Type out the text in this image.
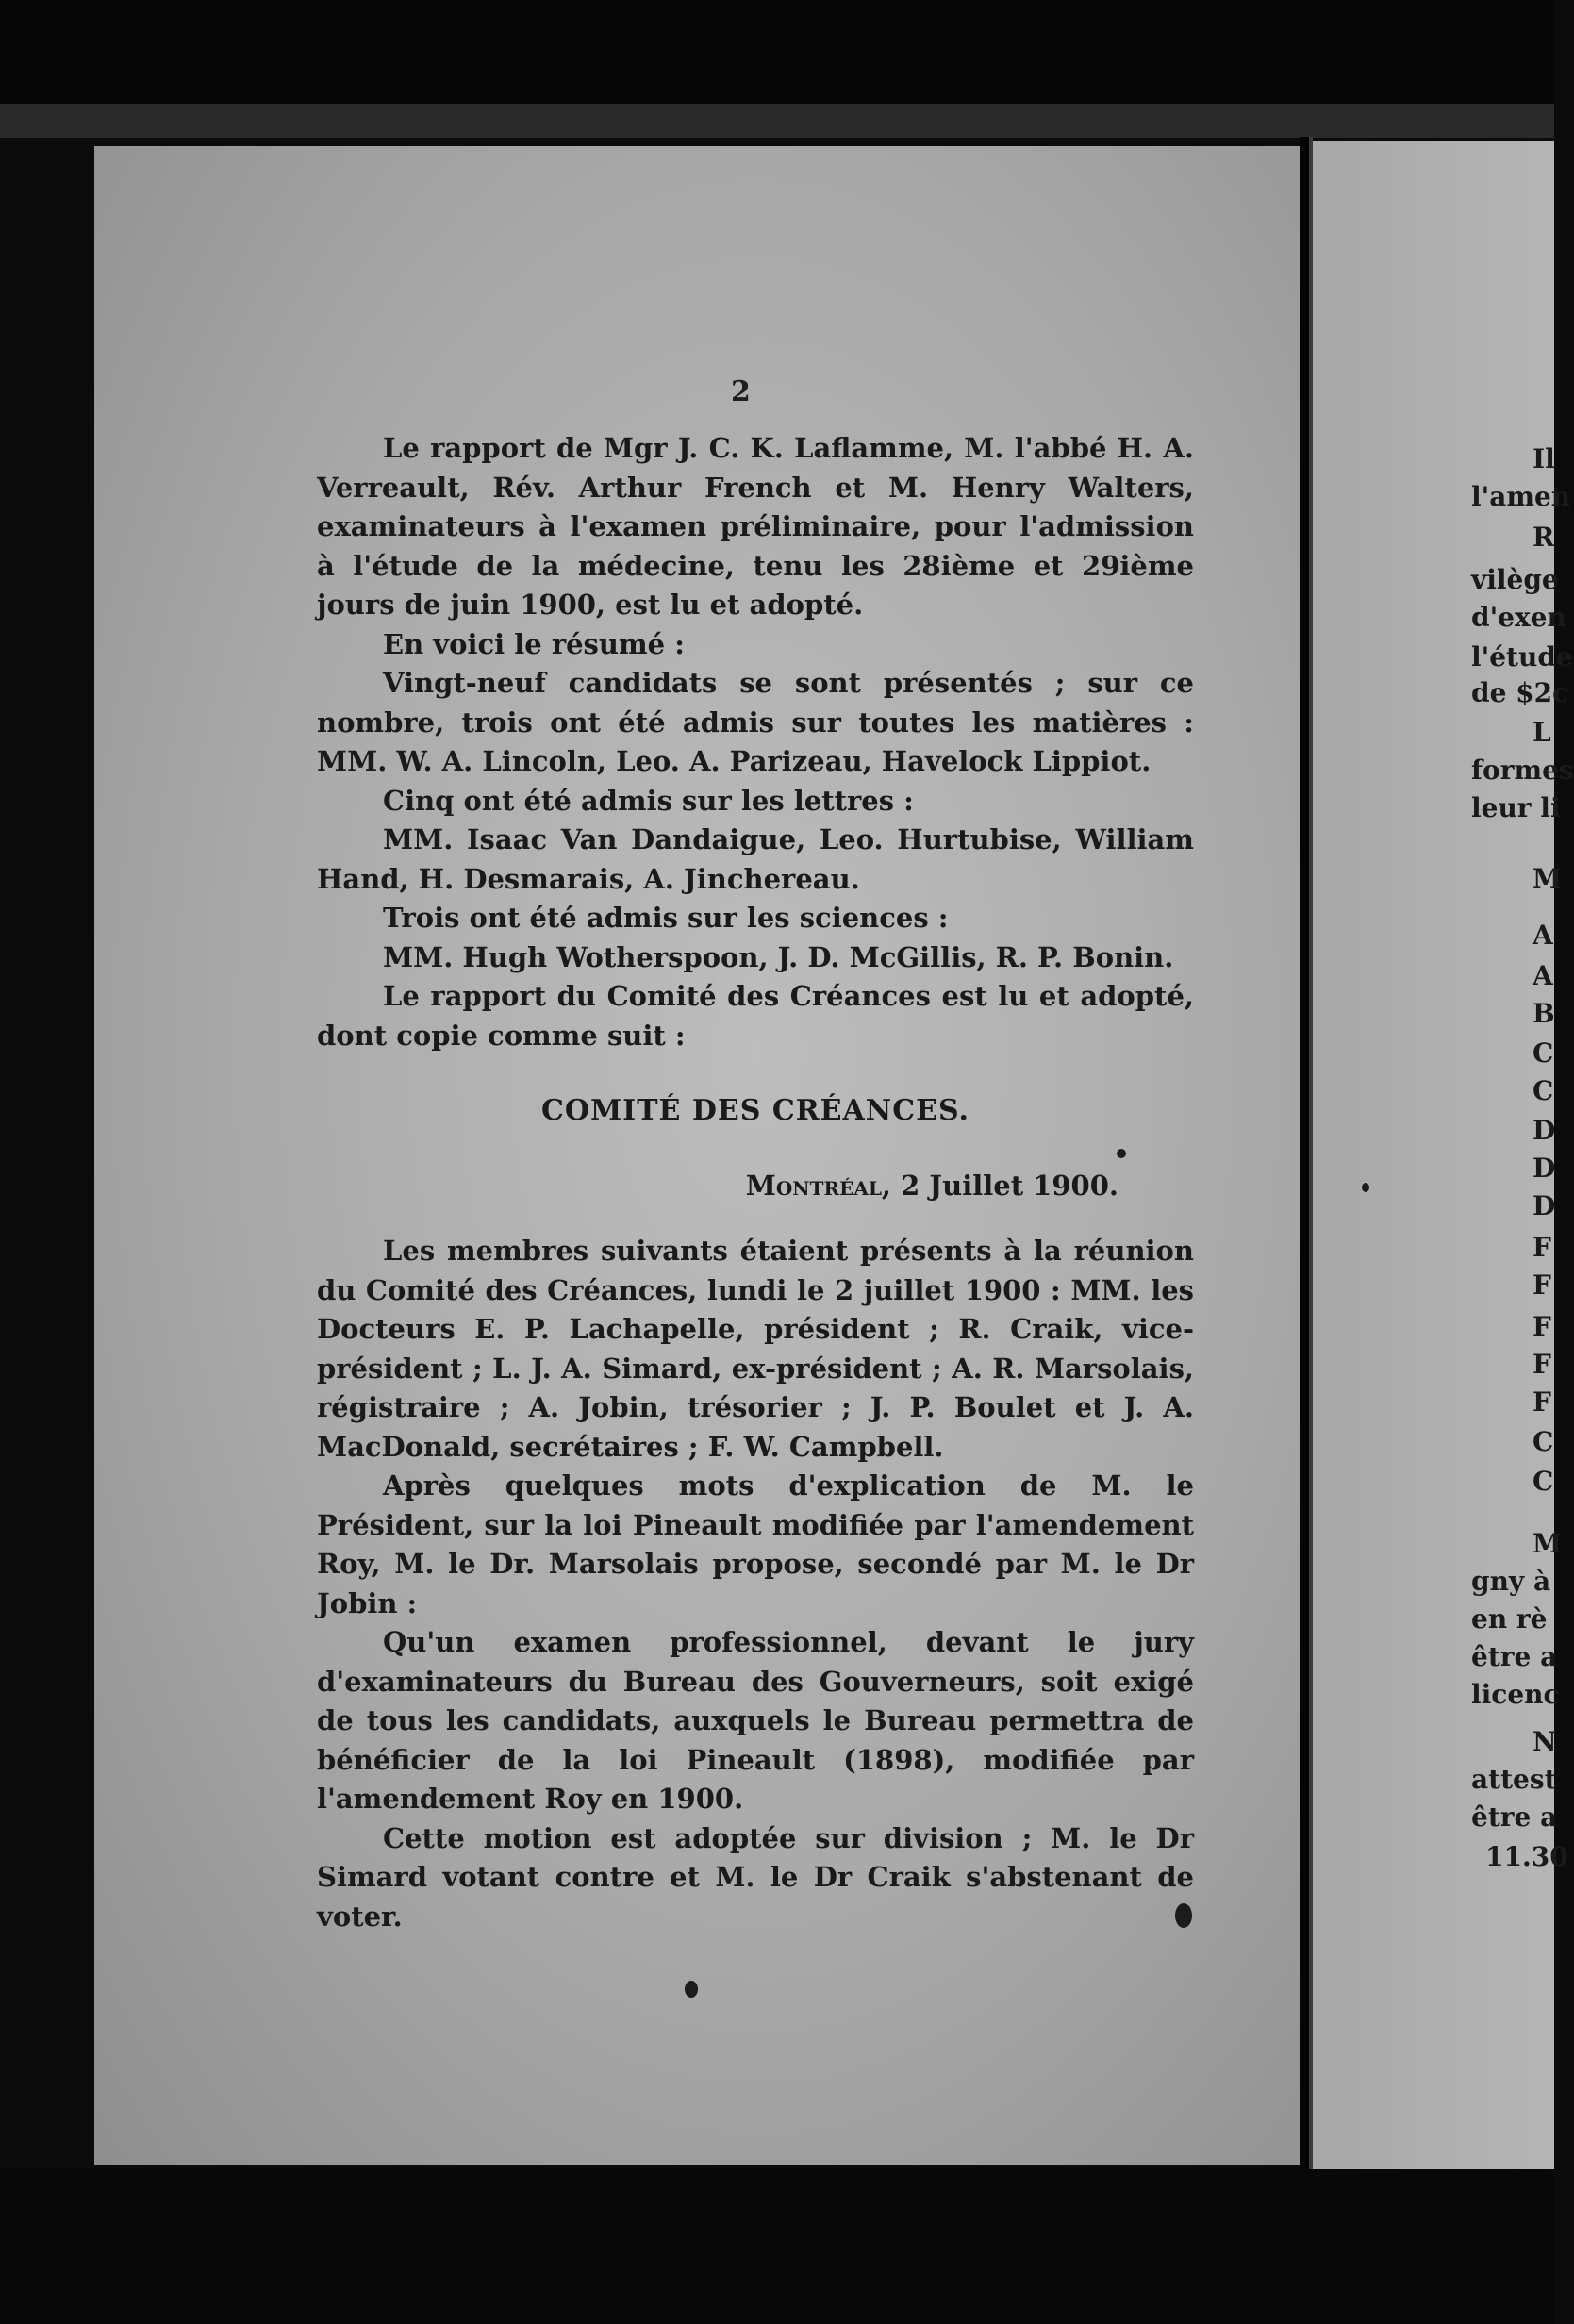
2

Le rapport de Mgr J. C. K. Laflamme, M. l'abbé H. A. Verreault, Rév. Arthur French et M. Henry Walters, examinateurs à l'examen préliminaire, pour l'admission à l'étude de la médecine, tenu les 28ième et 29ième jours de juin 1900, est lu et adopté.

En voici le résumé :

Vingt-neuf candidats se sont présentés ; sur ce nombre, trois ont été admis sur toutes les matières : MM. W. A. Lincoln, Leo. A. Parizeau, Havelock Lippiot.

Cinq ont été admis sur les lettres :

MM. Isaac Van Dandaigue, Leo. Hurtubise, William Hand, H. Desmarais, A. Jinchereau.

Trois ont été admis sur les sciences :

MM. Hugh Wotherspoon, J. D. McGillis, R. P. Bonin.

Le rapport du Comité des Créances est lu et adopté, dont copie comme suit :

COMITÉ DES CRÉANCES.

Montréal, 2 Juillet 1900.

Les membres suivants étaient présents à la réunion du Comité des Créances, lundi le 2 juillet 1900 : MM. les Docteurs E. P. Lachapelle, président ; R. Craik, vice-président ; L. J. A. Simard, ex-président ; A. R. Marsolais, régistraire ; A. Jobin, trésorier ; J. P. Boulet et J. A. MacDonald, secrétaires ; F. W. Campbell.

Après quelques mots d'explication de M. le Président, sur la loi Pineault modifiée par l'amendement Roy, M. le Dr. Marsolais propose, secondé par M. le Dr Jobin :

Qu'un examen professionnel, devant le jury d'examinateurs du Bureau des Gouverneurs, soit exigé de tous les candidats, auxquels le Bureau permettra de bénéficier de la loi Pineault (1898), modifiée par l'amendement Roy en 1900.

Cette motion est adoptée sur division ; M. le Dr Simard votant contre et M. le Dr Craik s'abstenant de voter.

Il
l'amen
R
vilège
d'exen
l'étude
de $2c
L
formes
leur li
M
A
A
B
C
C
D
D
D
F
F
F
F
F
C
C
M
gny à
en rè
être a
licenc
N
attest
être a
11.30
